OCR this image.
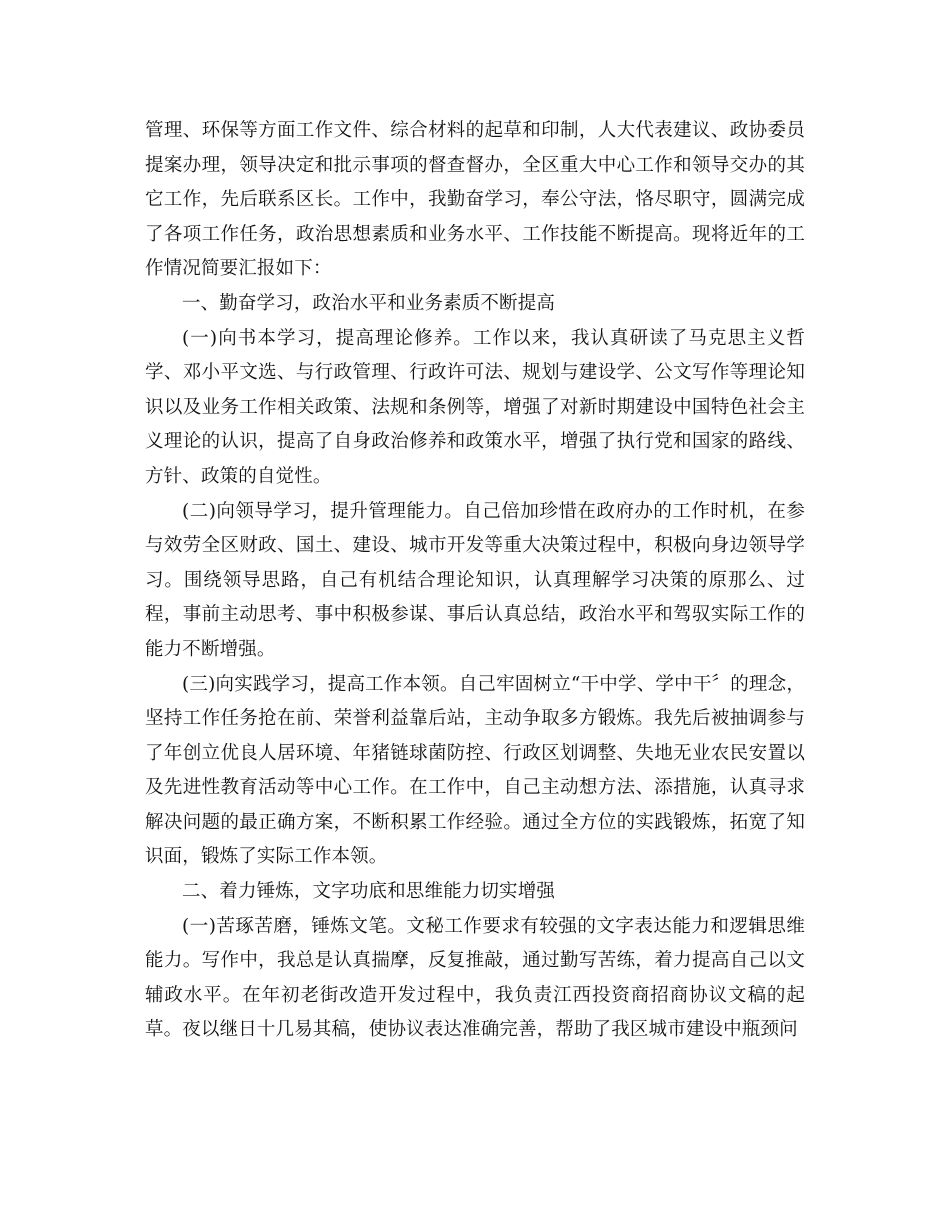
管理、环保等方面工作文件、综合材料的起草和印制，人大代表建议、政协委员提案办理，领导决定和批示事项的督查督办，全区重大中心工作和领导交办的其它工作，先后联系区长。工作中，我勤奋学习，奉公守法，恪尽职守，圆满完成了各项工作任务，政治思想素质和业务水平、工作技能不断提高。现将近年的工作情况简要汇报如下：

一、勤奋学习，政治水平和业务素质不断提高

(一)向书本学习，提高理论修养。工作以来，我认真研读了马克思主义哲学、邓小平文选、与行政管理、行政许可法、规划与建设学、公文写作等理论知识以及业务工作相关政策、法规和条例等，增强了对新时期建设中国特色社会主义理论的认识，提高了自身政治修养和政策水平，增强了执行党和国家的路线、方针、政策的自觉性。

(二)向领导学习，提升管理能力。自己倍加珍惜在政府办的工作时机，在参与效劳全区财政、国土、建设、城市开发等重大决策过程中，积极向身边领导学习。围绕领导思路，自己有机结合理论知识，认真理解学习决策的原那么、过程，事前主动思考、事中积极参谋、事后认真总结，政治水平和驾驭实际工作的能力不断增强。

(三)向实践学习，提高工作本领。自己牢固树立“干中学、学中干〞的理念，坚持工作任务抢在前、荣誉利益靠后站，主动争取多方锻炼。我先后被抽调参与了年创立优良人居环境、年猪链球菌防控、行政区划调整、失地无业农民安置以及先进性教育活动等中心工作。在工作中，自己主动想方法、添措施，认真寻求解决问题的最正确方案，不断积累工作经验。通过全方位的实践锻炼，拓宽了知识面，锻炼了实际工作本领。

二、着力锤炼，文字功底和思维能力切实增强

(一)苦琢苦磨，锤炼文笔。文秘工作要求有较强的文字表达能力和逻辑思维能力。写作中，我总是认真揣摩，反复推敲，通过勤写苦练，着力提高自己以文辅政水平。在年初老街改造开发过程中，我负责江西投资商招商协议文稿的起草。夜以继日十几易其稿，使协议表达准确完善，帮助了我区城市建设中瓶颈问
